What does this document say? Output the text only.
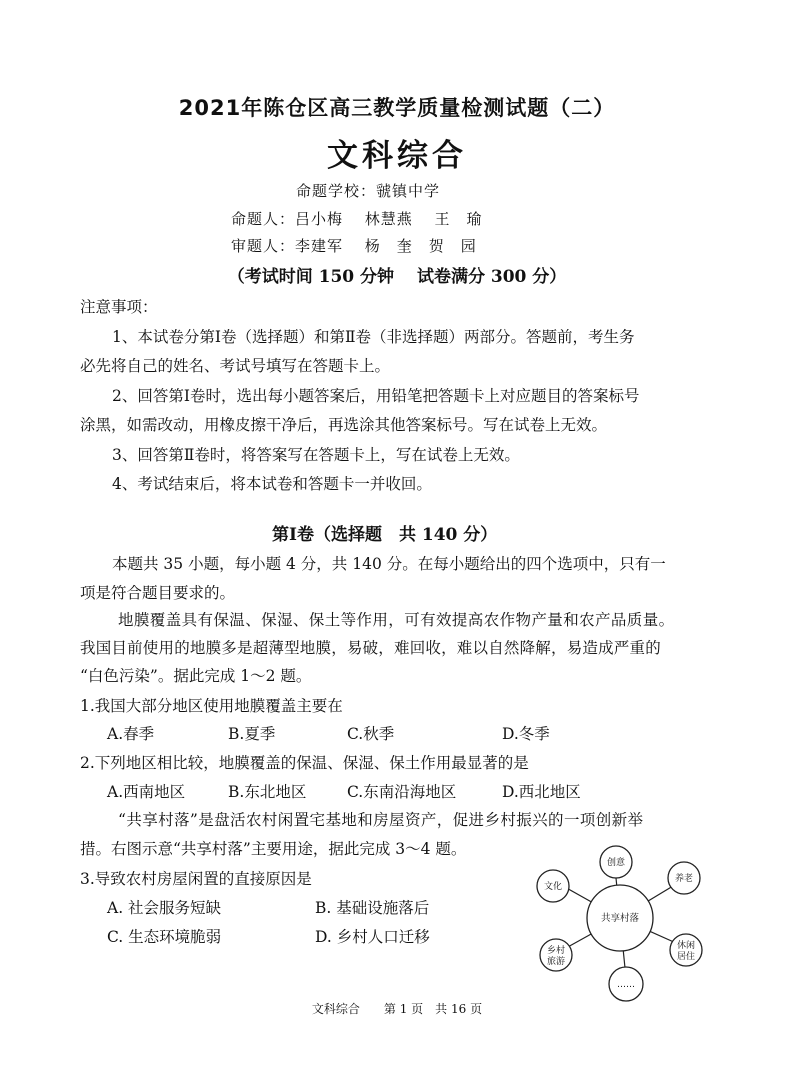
2021年陈仓区高三教学质量检测试题（二）
文科综合
命题学校：虢镇中学
命题人：吕小梅　 林慧燕　 王　瑜
审题人：李建军　 杨　奎　贺　园
（考试时间 150 分钟　 试卷满分 300 分）
注意事项：
1、本试卷分第Ⅰ卷（选择题）和第Ⅱ卷（非选择题）两部分。答题前，考生务
必先将自己的姓名、考试号填写在答题卡上。
2、回答第Ⅰ卷时，选出每小题答案后，用铅笔把答题卡上对应题目的答案标号
涂黑，如需改动，用橡皮擦干净后，再选涂其他答案标号。写在试卷上无效。
3、回答第Ⅱ卷时，将答案写在答题卡上，写在试卷上无效。
4、考试结束后，将本试卷和答题卡一并收回。
第Ⅰ卷（选择题　共 140 分）
本题共 35 小题，每小题 4 分，共 140 分。在每小题给出的四个选项中，只有一
项是符合题目要求的。
地膜覆盖具有保温、保湿、保土等作用，可有效提高农作物产量和农产品质量。
我国目前使用的地膜多是超薄型地膜，易破，难回收，难以自然降解，易造成严重的
“白色污染”。据此完成 1～2 题。
1.我国大部分地区使用地膜覆盖主要在
A.春季	B.夏季	C.秋季	D.冬季
2.下列地区相比较，地膜覆盖的保温、保湿、保土作用最显著的是
A.西南地区	B.东北地区	C.东南沿海地区	D.西北地区
“共享村落”是盘活农村闲置宅基地和房屋资产，促进乡村振兴的一项创新举
措。右图示意“共享村落”主要用途，据此完成 3～4 题。
3.导致农村房屋闲置的直接原因是
A. 社会服务短缺	B. 基础设施落后
C. 生态环境脆弱	D. 乡村人口迁移
共享村落
创意
养老
休闲
居住
……
乡村
旅游
文化
文科综合　　第 1 页　共 16 页
